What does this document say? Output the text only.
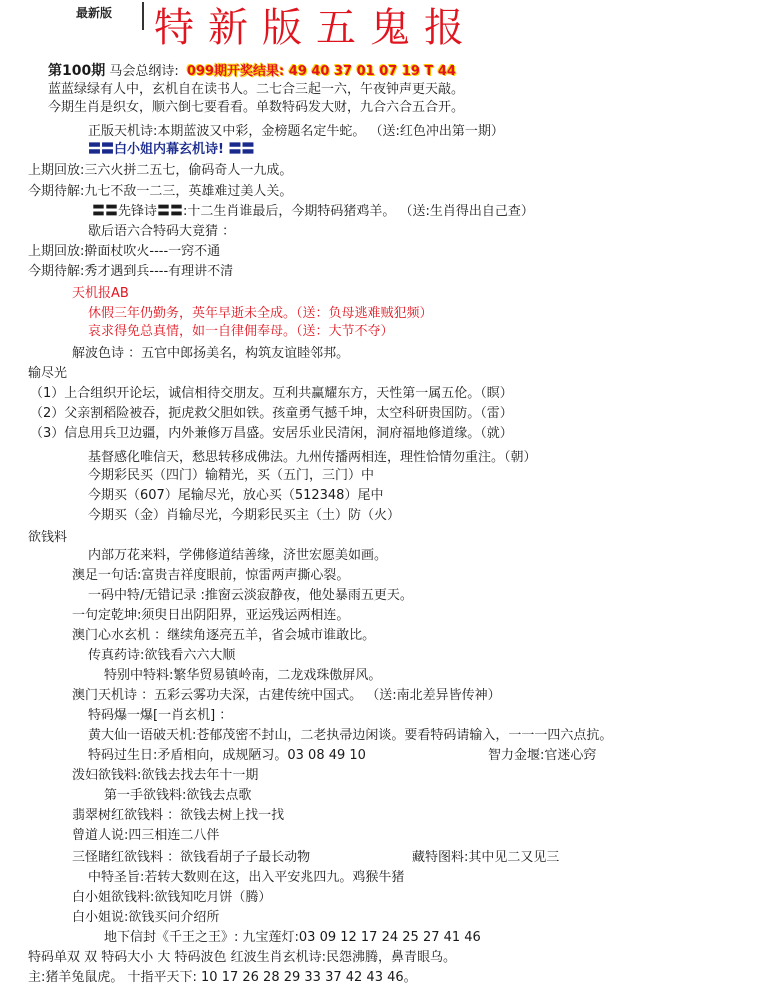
最新版 特新版五鬼报
第100期 马会总纲诗: 099期开奖结果: 49 40 37 01 07 19 T 44
蓝蓝绿绿有人中，玄机自在读书人。二七合三起一六，午夜钟声更天敲。
今期生肖是织女，顺六倒七要看看。单数特码发大财，九合六合五合开。
正版天机诗:本期蓝波又中彩，金榜题名定牛蛇。 （送:红色冲出第一期）
〓〓白小姐内幕玄机诗! 〓〓
上期回放:三六火拼二五七，偷码奇人一九成。
今期待解:九七不敌一二三，英雄难过美人关。
〓〓先锋诗〓〓:十二生肖谁最后，今期特码猪鸡羊。 （送:生肖得出自己查）
歇后语六合特码大竟猜 ：
上期回放:擀面杖吹火----一窍不通
今期待解:秀才遇到兵----有理讲不清
天机报AB
休假三年仍勤务，英年早逝未全成。（送：负母逃难贼犯频）
哀求得免总真情，如一自律佣奉母。（送：大节不夺）
解波色诗 ：五官中郎扬美名，构筑友谊睦邻邦。
输尽光
（1）上合组织开论坛，诚信相待交朋友。互利共赢耀东方，天性第一属五伦。（瞑）
（2）父亲割稻险被吞，扼虎救父胆如铁。孩童勇气撼千坤，太空科研贵国防。（雷）
（3）信息用兵卫边疆，内外兼修万昌盛。安居乐业民清闲，洞府福地修道缘。（就）
基督感化唯信天，愁思转移成佛法。九州传播两相连，理性恰情勿重注。（朝）
今期彩民买（四门）输精光，买（五门，三门）中
今期买（607）尾输尽光，放心买（512348）尾中
今期买（金）肖输尽光，今期彩民买主（土）防（火）
欲钱料
内部万花来料，学佛修道结善缘，济世宏愿美如画。
澳足一句话:富贵吉祥度眼前，惊雷两声撕心裂。
一码中特/无错记录 :推窗云淡寂静夜，他处暴雨五更天。
一句定乾坤:须臾日出阴阳界，亚运残运两相连。
澳门心水玄机 ：继续角逐亮五羊，省会城市谁敢比。
传真药诗:欲钱看六六大顺
特别中特料:繁华贸易镇岭南，二龙戏珠傲屏风。
澳门天机诗 ：五彩云雾功夫深，古建传统中国式。 （送:南北差异皆传神）
特码爆一爆[一肖玄机] ：
黄大仙一语破天机:苍郁茂密不封山，二老执帚边闲谈。要看特码请输入，一一一四六点抗。
特码过生日:矛盾相向，成规陋习。03 08 49 10	智力金堰:官迷心窍
泼妇欲钱料:欲钱去找去年十一期
第一手欲钱料:欲钱去点歌
翡翠树红欲钱料 ：欲钱去树上找一找
曾道人说:四三相连二八伴
三怪睹红欲钱料 ：欲钱看胡子子最长动物	藏特图料:其中见二又见三
中特圣旨:若转大数则在这，出入平安兆四九。鸡猴牛猪
白小姐欲钱料:欲钱知吃月饼（腾）
白小姐说:欲钱买问介绍所
地下信封《千王之王》: 九宝莲灯:03 09 12 17 24 25 27 41 46
特码单双 双 特码大小 大 特码波色 红波生肖玄机诗:民怨沸腾，鼻青眼乌。
主:猪羊兔鼠虎。 十指平天下: 10 17 26 28 29 33 37 42 43 46。
